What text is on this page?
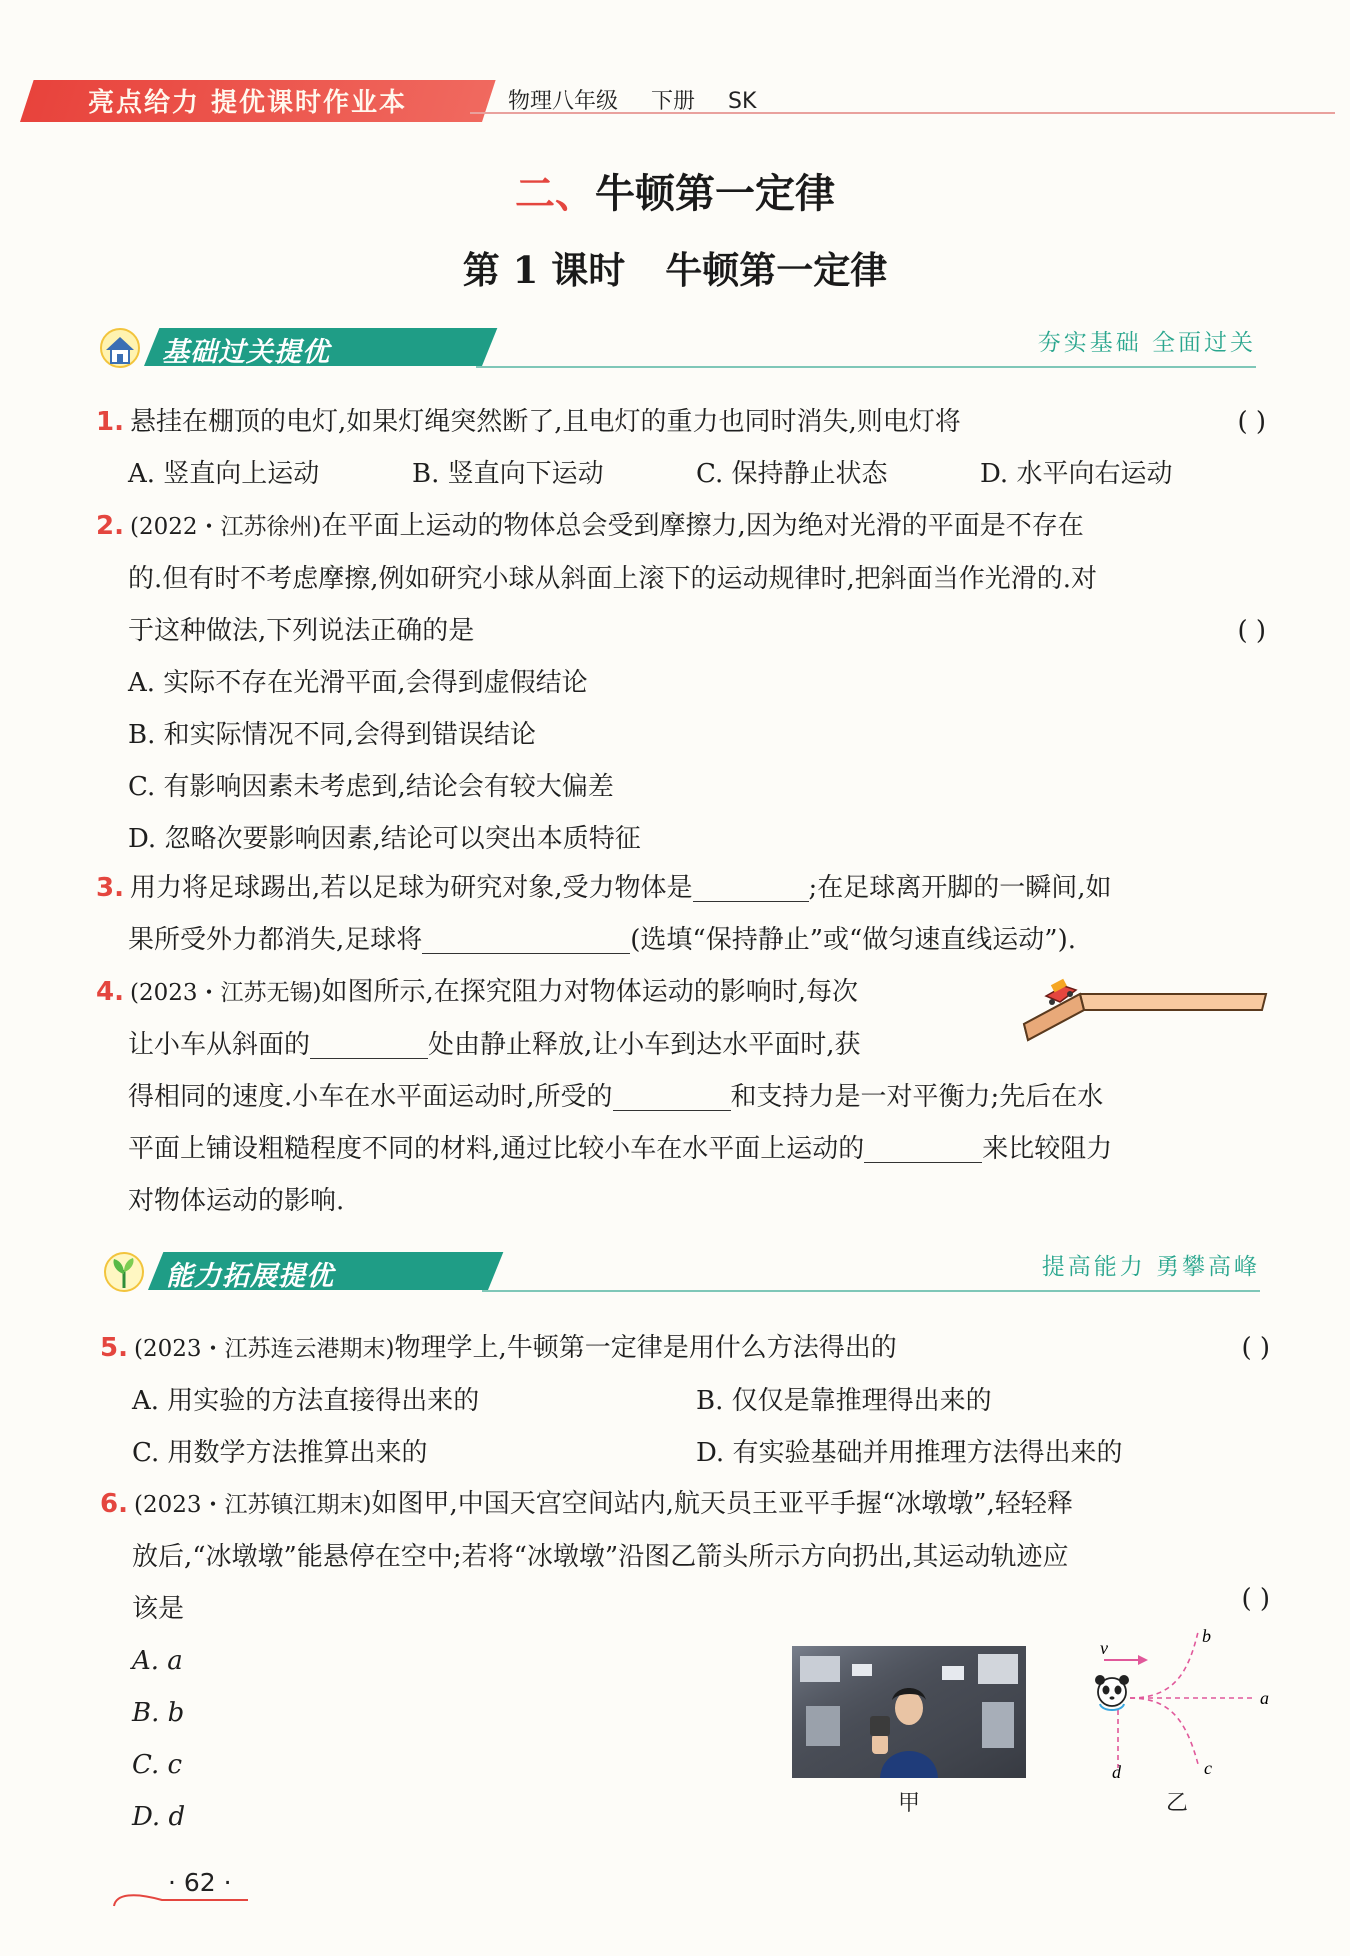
亮点给力 提优课时作业本	物理八年级 下册 SK
二、牛顿第一定律
第 1 课时 牛顿第一定律
基础过关提优	夯实基础 全面过关
1. 悬挂在棚顶的电灯,如果灯绳突然断了,且电灯的重力也同时消失,则电灯将	( )
A. 竖直向上运动	B. 竖直向下运动	C. 保持静止状态	D. 水平向右运动
2. (2022・江苏徐州)在平面上运动的物体总会受到摩擦力,因为绝对光滑的平面是不存在
的.但有时不考虑摩擦,例如研究小球从斜面上滚下的运动规律时,把斜面当作光滑的.对
于这种做法,下列说法正确的是	( )
A. 实际不存在光滑平面,会得到虚假结论
B. 和实际情况不同,会得到错误结论
C. 有影响因素未考虑到,结论会有较大偏差
D. 忽略次要影响因素,结论可以突出本质特征
3. 用力将足球踢出,若以足球为研究对象,受力物体是	;在足球离开脚的一瞬间,如
果所受外力都消失,足球将	(选填“保持静止”或“做匀速直线运动”).
4. (2023・江苏无锡)如图所示,在探究阻力对物体运动的影响时,每次
让小车从斜面的	处由静止释放,让小车到达水平面时,获
得相同的速度.小车在水平面运动时,所受的	和支持力是一对平衡力;先后在水
平面上铺设粗糙程度不同的材料,通过比较小车在水平面上运动的	来比较阻力
对物体运动的影响.
能力拓展提优	提高能力 勇攀高峰
5. (2023・江苏连云港期末)物理学上,牛顿第一定律是用什么方法得出的	( )
A. 用实验的方法直接得出来的	B. 仅仅是靠推理得出来的
C. 用数学方法推算出来的	D. 有实验基础并用推理方法得出来的
6. (2023・江苏镇江期末)如图甲,中国天宫空间站内,航天员王亚平手握“冰墩墩”,轻轻释
放后,“冰墩墩”能悬停在空中;若将“冰墩墩”沿图乙箭头所示方向扔出,其运动轨迹应
该是	( )
A. a
B. b
C. c
D. d	甲
v
a
b
c
d
乙
· 62 ·
